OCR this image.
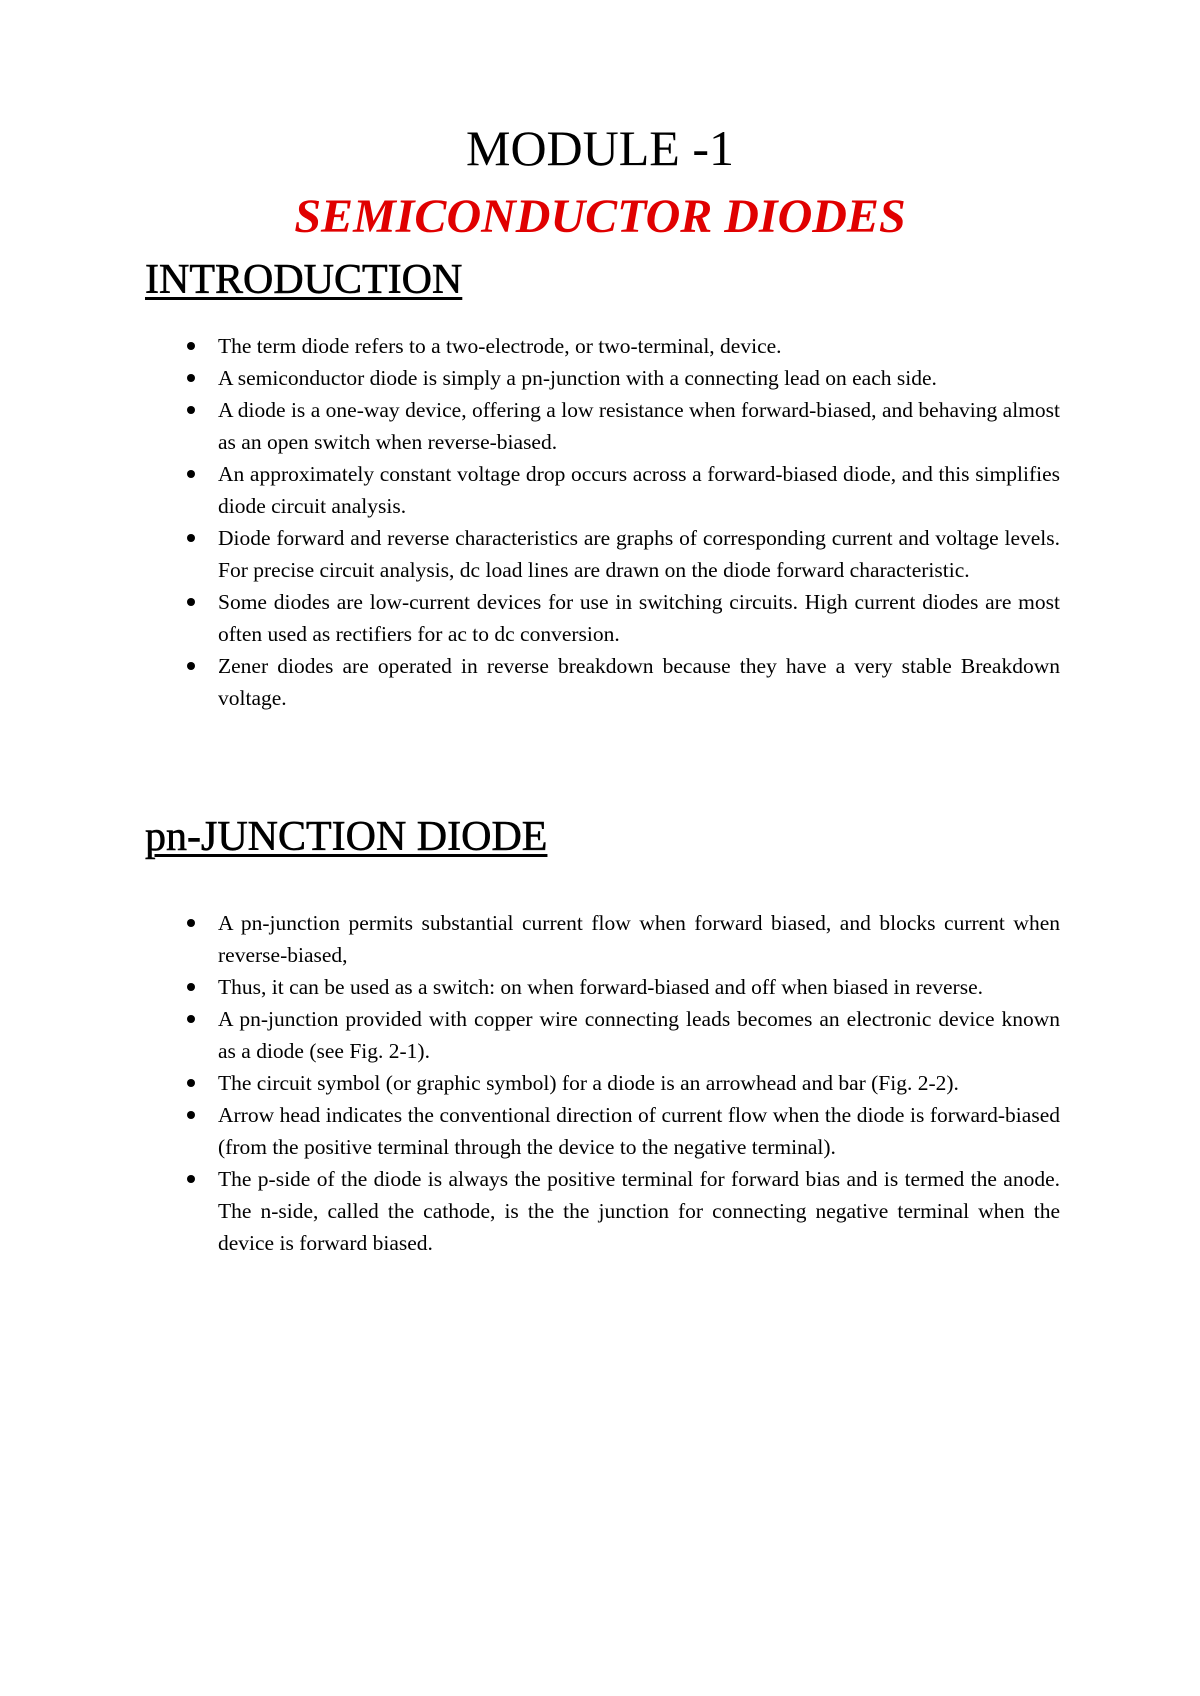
MODULE -1
SEMICONDUCTOR DIODES
INTRODUCTION
The term diode refers to a two-electrode, or two-terminal, device.
A semiconductor diode is simply a pn-junction with a connecting lead on each side.
A diode is a one-way device, offering a low resistance when forward-biased, and behaving almost as an open switch when reverse-biased.
An approximately constant voltage drop occurs across a forward-biased diode, and this simplifies diode circuit analysis.
Diode forward and reverse characteristics are graphs of corresponding current and voltage levels. For precise circuit analysis, dc load lines are drawn on the diode forward characteristic.
Some diodes are low-current devices for use in switching circuits. High current diodes are most often used as rectifiers for ac to dc conversion.
Zener diodes are operated in reverse breakdown because they have a very stable Breakdown voltage.
pn-JUNCTION DIODE
A pn-junction permits substantial current flow when forward biased, and blocks current when reverse-biased,
Thus, it can be used as a switch: on when forward-biased and off when biased in reverse.
A pn-junction provided with copper wire connecting leads becomes an electronic device known as a diode (see Fig. 2-1).
The circuit symbol (or graphic symbol) for a diode is an arrowhead and bar (Fig. 2-2).
Arrow head indicates the conventional direction of current flow when the diode is forward-biased (from the positive terminal through the device to the negative terminal).
The p-side of the diode is always the positive terminal for forward bias and is termed the anode. The n-side, called the cathode, is the the junction for connecting negative terminal when the device is forward biased.
